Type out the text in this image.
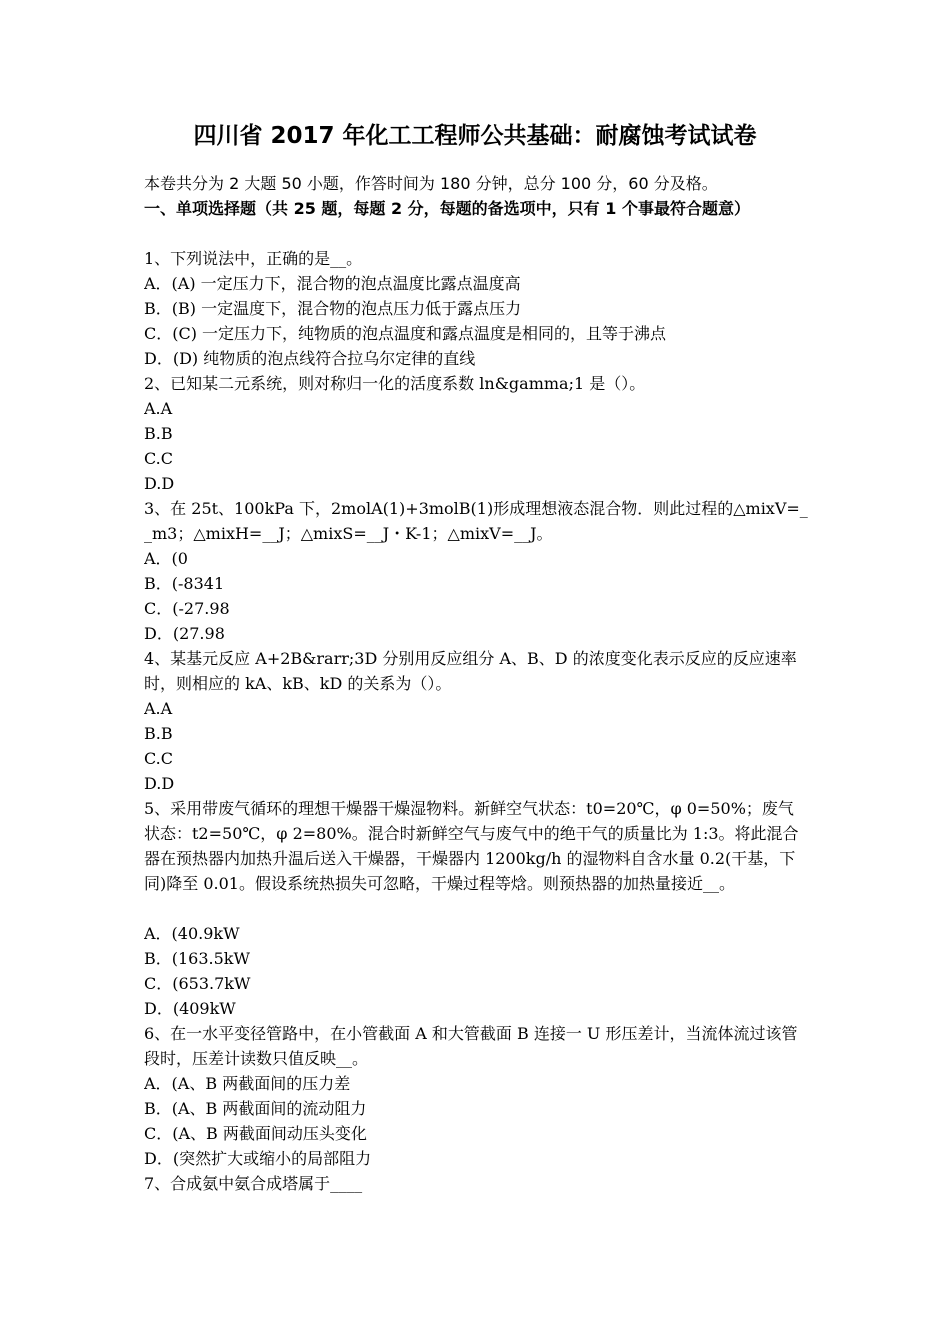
四川省 2017 年化工工程师公共基础：耐腐蚀考试试卷
本卷共分为 2 大题 50 小题，作答时间为 180 分钟，总分 100 分，60 分及格。
一、单项选择题（共 25 题，每题 2 分，每题的备选项中，只有 1 个事最符合题意）
1、下列说法中，正确的是__。
A．(A) 一定压力下，混合物的泡点温度比露点温度高
B．(B) 一定温度下，混合物的泡点压力低于露点压力
C．(C) 一定压力下，纯物质的泡点温度和露点温度是相同的，且等于沸点
D．(D) 纯物质的泡点线符合拉乌尔定律的直线
2、已知某二元系统，则对称归一化的活度系数 ln&gamma;1 是（）。
A.A
B.B
C.C
D.D
3、在 25t、100kPa 下，2molA(1)+3molB(1)形成理想液态混合物．则此过程的△mixV=__m3；△mixH=__J；△mixS=__J・K-1；△mixV=__J。
A．(0
B．(-8341
C．(-27.98
D．(27.98
4、某基元反应 A+2B&rarr;3D 分别用反应组分 A、B、D 的浓度变化表示反应的反应速率时，则相应的 kA、kB、kD 的关系为（）。
A.A
B.B
C.C
D.D
5、采用带废气循环的理想干燥器干燥湿物料。新鲜空气状态：t0=20℃，φ 0=50%；废气状态：t2=50℃，φ 2=80%。混合时新鲜空气与废气中的绝干气的质量比为 1:3。将此混合器在预热器内加热升温后送入干燥器，干燥器内 1200kg/h 的湿物料自含水量 0.2(干基，下同)降至 0.01。假设系统热损失可忽略，干燥过程等焓。则预热器的加热量接近__。
A．(40.9kW
B．(163.5kW
C．(653.7kW
D．(409kW
6、在一水平变径管路中，在小管截面 A 和大管截面 B 连接一 U 形压差计，当流体流过该管段时，压差计读数只值反映__。
A．(A、B 两截面间的压力差
B．(A、B 两截面间的流动阻力
C．(A、B 两截面间动压头变化
D．(突然扩大或缩小的局部阻力
7、合成氨中氨合成塔属于____
